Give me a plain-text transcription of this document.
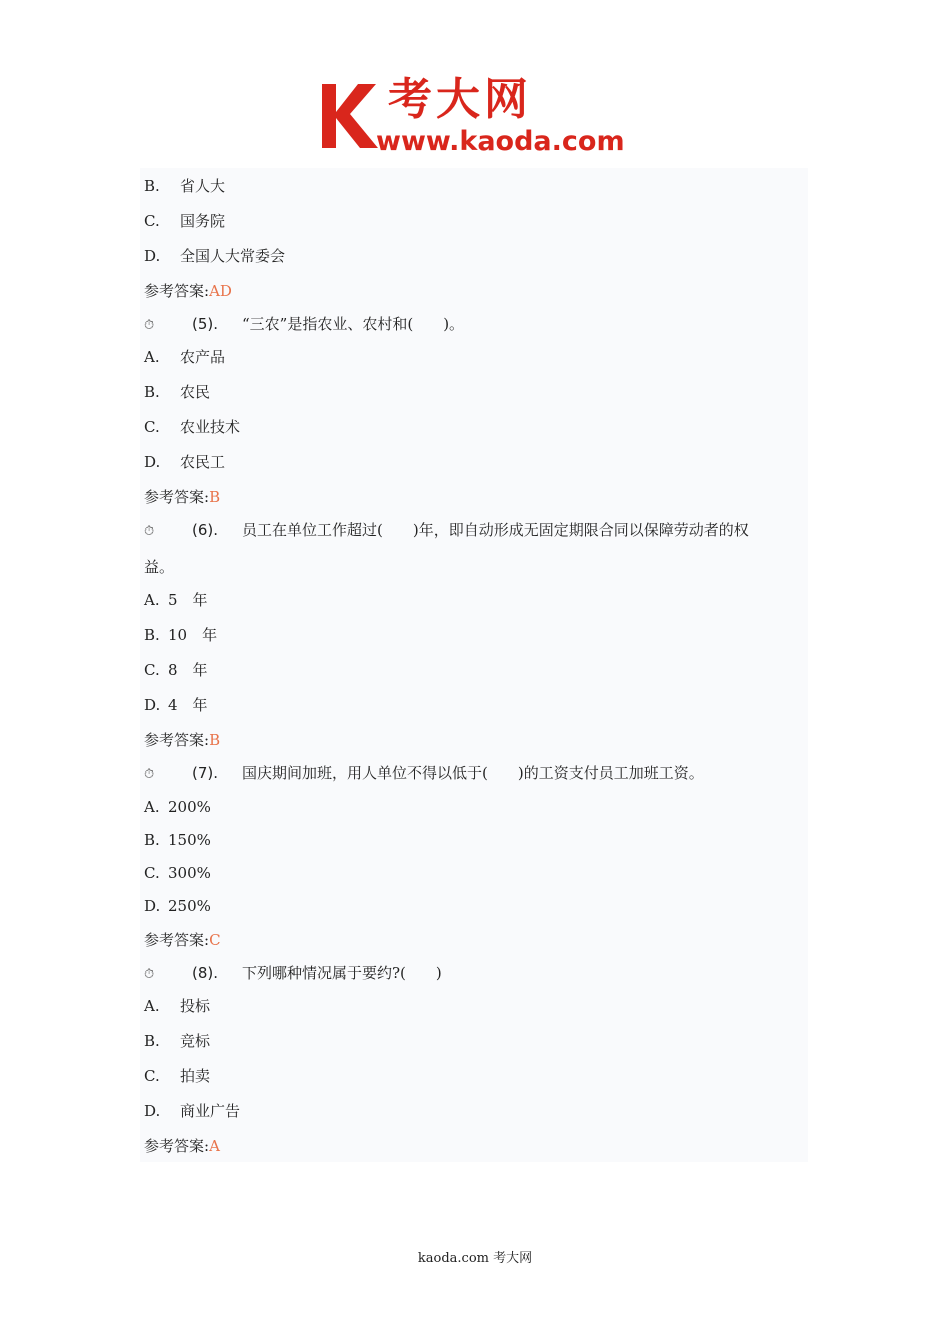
考大网
www.kaoda.com
B. 省人大
C. 国务院
D. 全国人大常委会
参考答案:AD
⏱	(5). “三农”是指农业、农村和(　　)。
A. 农产品
B. 农民
C. 农业技术
D. 农民工
参考答案:B
⏱	(6). 员工在单位工作超过(　　)年，即自动形成无固定期限合同以保障劳动者的权
益。
A. 5　年
B. 10　年
C. 8　年
D. 4　年
参考答案:B
⏱	(7). 国庆期间加班，用人单位不得以低于(　　)的工资支付员工加班工资。
A. 200%
B. 150%
C. 300%
D. 250%
参考答案:C
⏱	(8). 下列哪种情况属于要约?(　　)
A. 投标
B. 竞标
C. 拍卖
D. 商业广告
参考答案:A
kaoda.com 考大网
